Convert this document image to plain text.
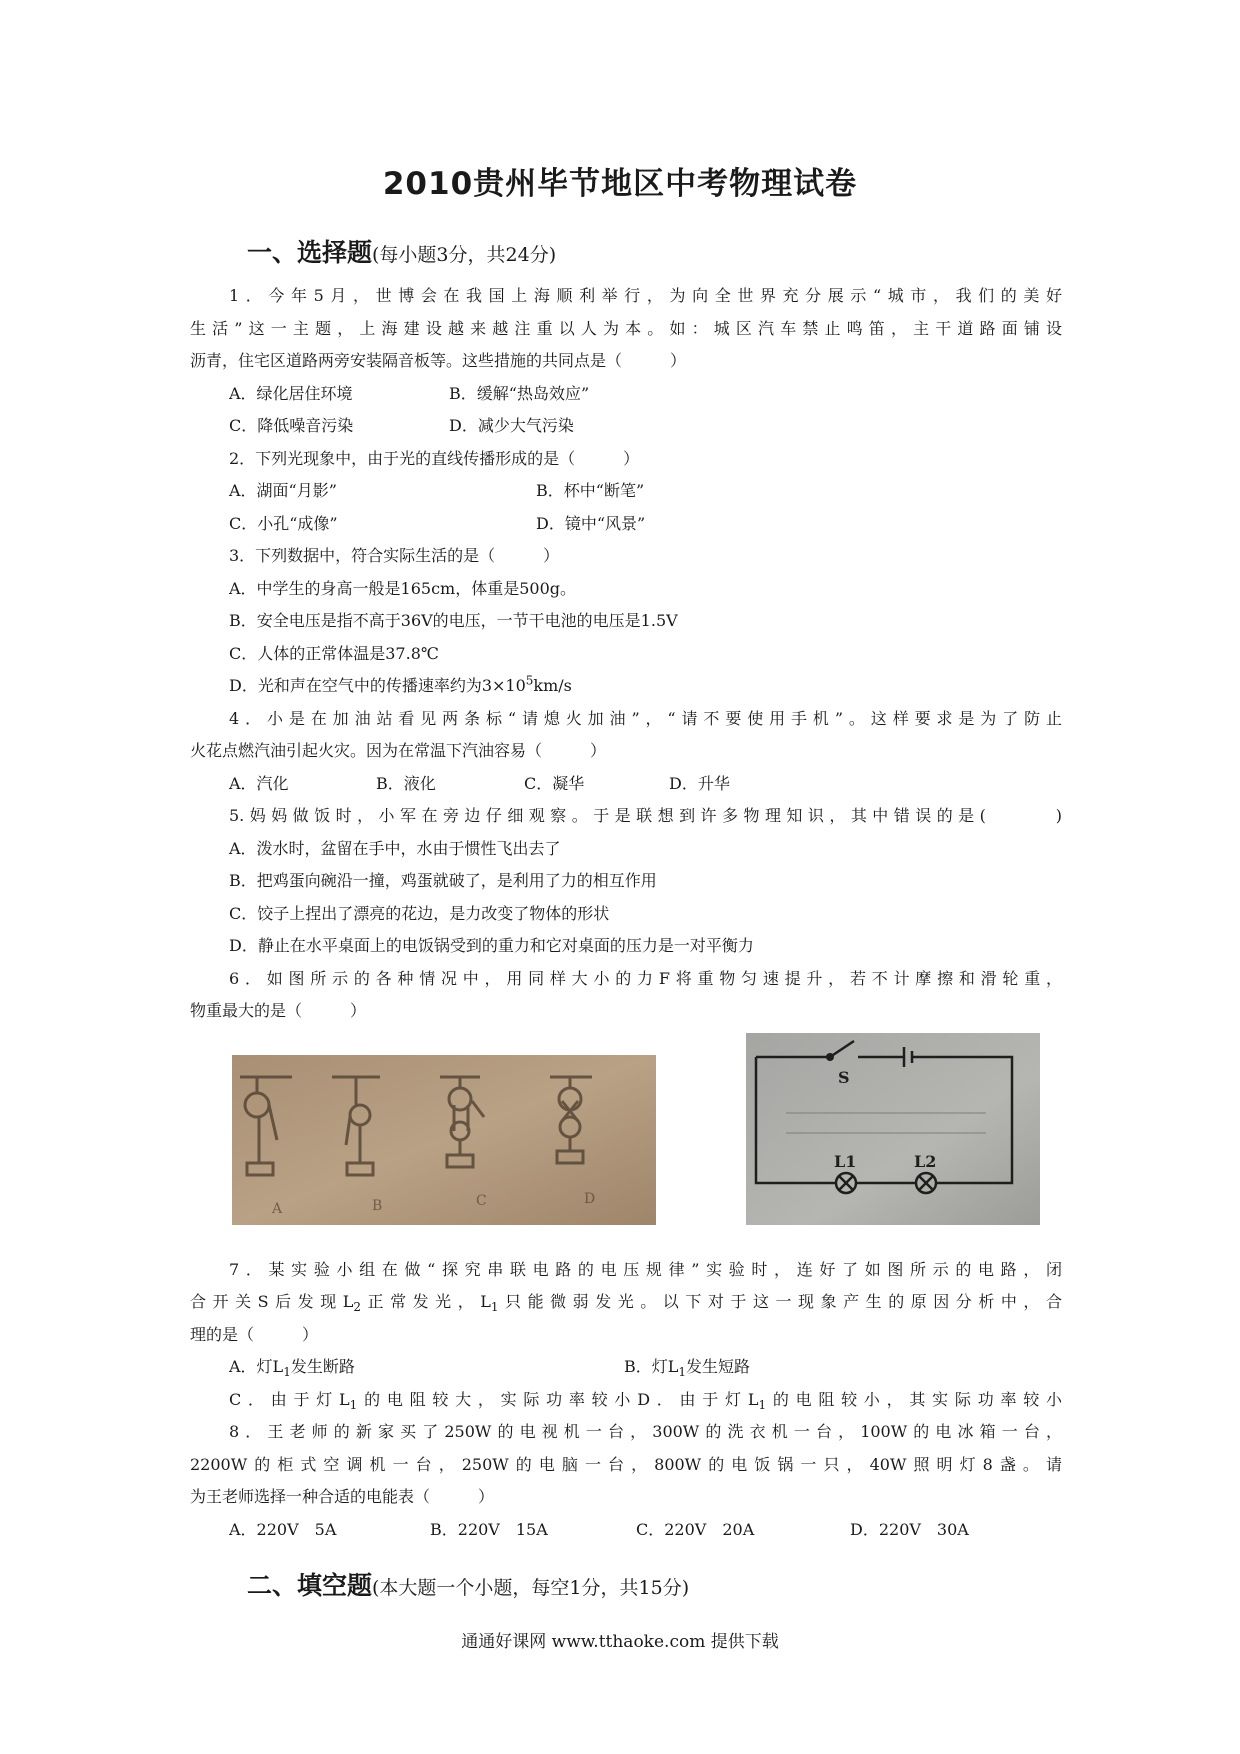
2010贵州毕节地区中考物理试卷
一、选择题(每小题3分，共24分)
1．今年5月，世博会在我国上海顺利举行，为向全世界充分展示“城市，我们的美好
生活”这一主题，上海建设越来越注重以人为本。如：城区汽车禁止鸣笛，主干道路面铺设
沥青，住宅区道路两旁安装隔音板等。这些措施的共同点是（　　　）
A．绿化居住环境	B．缓解“热岛效应”
C．降低噪音污染	D．减少大气污染
2．下列光现象中，由于光的直线传播形成的是（　　　）
A．湖面“月影”	B．杯中“断笔”
C．小孔“成像”	D．镜中“风景”
3．下列数据中，符合实际生活的是（　　　）
A．中学生的身高一般是165cm，体重是500g。
B．安全电压是指不高于36V的电压，一节干电池的电压是1.5V
C．人体的正常体温是37.8℃
D．光和声在空气中的传播速率约为$3\times 10^5km/s$
4．小是在加油站看见两条标“请熄火加油”，“请不要使用手机”。这样要求是为了防止
火花点燃汽油引起火灾。因为在常温下汽油容易（　　　）
A．汽化	B．液化	C．凝华	D．升华
5.妈妈做饭时，小军在旁边仔细观察。于是联想到许多物理知识，其中错误的是(　　　)
A．泼水时，盆留在手中，水由于惯性飞出去了
B．把鸡蛋向碗沿一撞，鸡蛋就破了，是利用了力的相互作用
C．饺子上捏出了漂亮的花边，是力改变了物体的形状
D．静止在水平桌面上的电饭锅受到的重力和它对桌面的压力是一对平衡力
6．如图所示的各种情况中，用同样大小的力F将重物匀速提升，若不计摩擦和滑轮重，
物重最大的是（　　　）
A	B	C	D
S
L1	L2
7．某实验小组在做“探究串联电路的电压规律”实验时，连好了如图所示的电路，闭
合开关S后发现$L_2$正常发光，$L_1$只能微弱发光。以下对于这一现象产生的原因分析中，合
理的是（　　　）
A．灯$L_1$发生断路	B．灯$L_1$发生短路
C．由于灯$L_1$的电阻较大，实际功率较小D．由于灯$L_1$的电阻较小，其实际功率较小
8．王老师的新家买了250W的电视机一台，300W的洗衣机一台，100W的电冰箱一台，
2200W的柜式空调机一台，250W的电脑一台，800W的电饭锅一只，40W照明灯8盏。请
为王老师选择一种合适的电能表（　　　）
A．220V　5A	B．220V　15A	C．220V　20A	D．220V　30A
二、填空题(本大题一个小题，每空1分，共15分)
通通好课网 www.tthaoke.com 提供下载
